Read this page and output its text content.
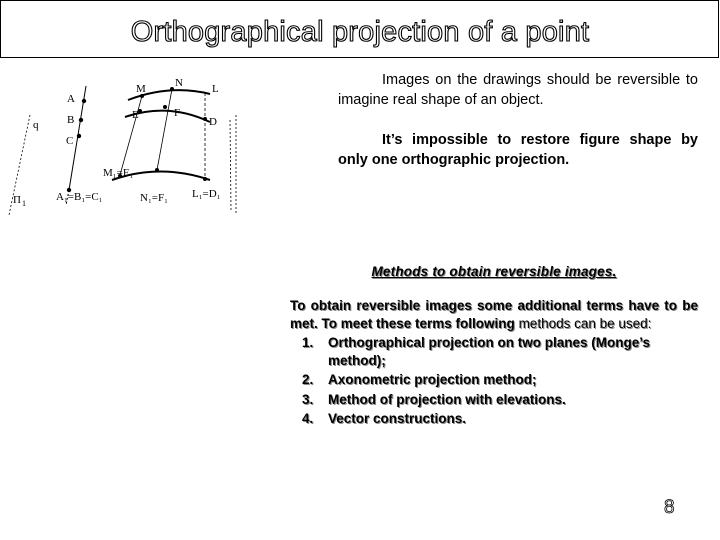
Orthographical projection of a point
A
B
C
q
M	N	L
E	F
D
M₁=E₁
Π 1
A₁=B₁=C₁	N₁=F₁ L₁=D₁
Images on the drawings should be reversible to imagine real shape of an object.
It’s impossible to restore figure shape by only one orthographic projection.

Methods to obtain reversible images.

To obtain reversible images some additional terms have to be met. To meet these terms following methods can be used:

1. Orthographical projection on two planes (Monge’s method);
2. Axonometric projection method;
3. Method of projection with elevations.
4. Vector constructions.
8
